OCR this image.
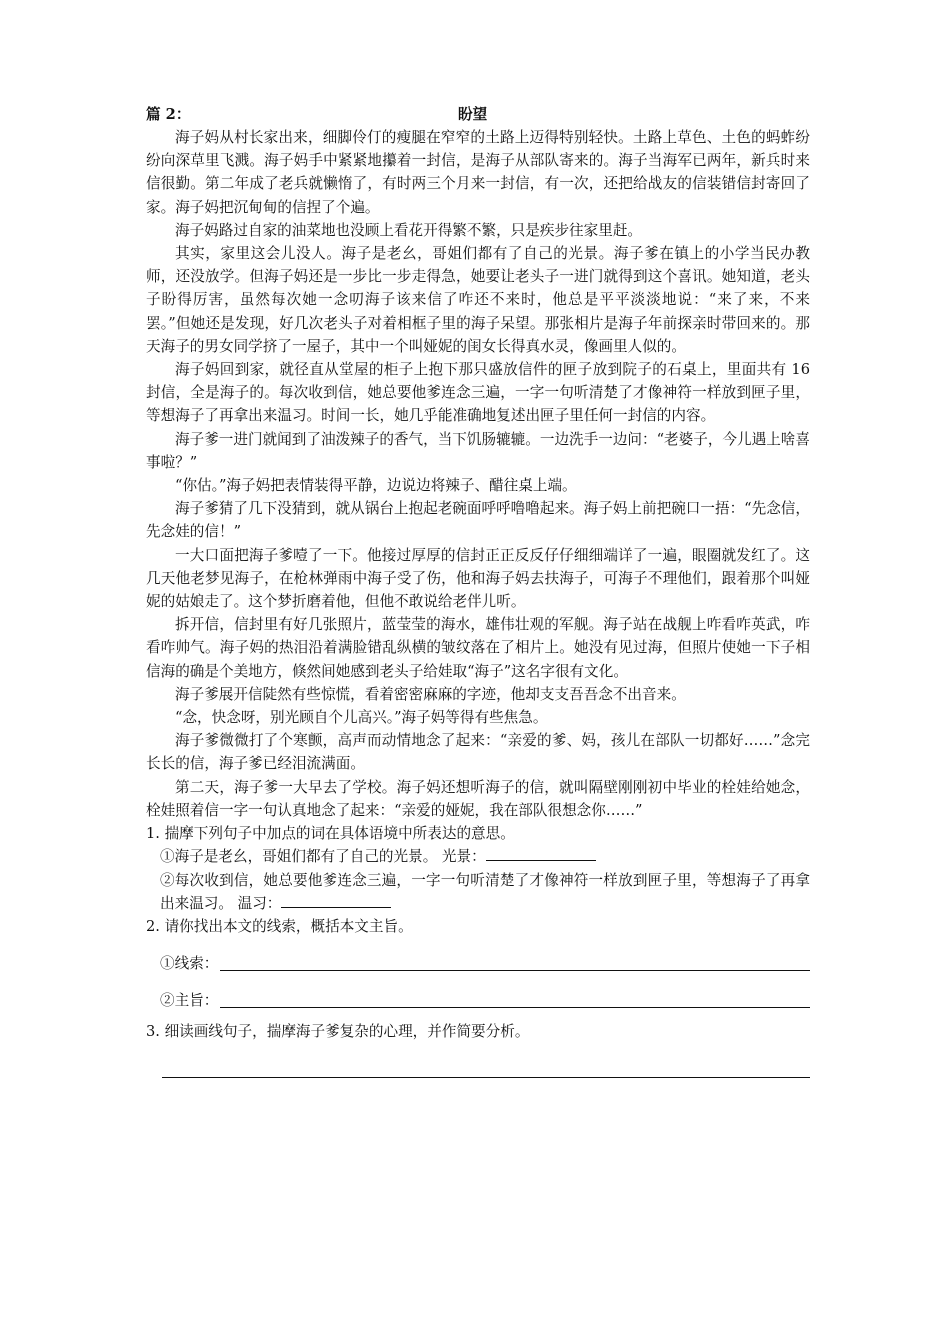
篇 2：	盼望

海子妈从村长家出来，细脚伶仃的瘦腿在窄窄的土路上迈得特别轻快。土路上草色、土色的蚂蚱纷纷向深草里飞溅。海子妈手中紧紧地攥着一封信，是海子从部队寄来的。海子当海军已两年，新兵时来信很勤。第二年成了老兵就懒惰了，有时两三个月来一封信，有一次，还把给战友的信装错信封寄回了家。海子妈把沉甸甸的信捏了个遍。

海子妈路过自家的油菜地也没顾上看花开得繁不繁，只是疾步往家里赶。

其实，家里这会儿没人。海子是老幺，哥姐们都有了自己的光景。海子爹在镇上的小学当民办教师，还没放学。但海子妈还是一步比一步走得急，她要让老头子一进门就得到这个喜讯。她知道，老头子盼得厉害，虽然每次她一念叨海子该来信了咋还不来时，他总是平平淡淡地说：“来了来，不来罢。”但她还是发现，好几次老头子对着相框子里的海子呆望。那张相片是海子年前探亲时带回来的。那天海子的男女同学挤了一屋子，其中一个叫娅妮的闺女长得真水灵，像画里人似的。

海子妈回到家，就径直从堂屋的柜子上抱下那只盛放信件的匣子放到院子的石桌上，里面共有 16 封信，全是海子的。每次收到信，她总要他爹连念三遍，一字一句听清楚了才像神符一样放到匣子里，等想海子了再拿出来温习。时间一长，她几乎能准确地复述出匣子里任何一封信的内容。

海子爹一进门就闻到了油泼辣子的香气，当下饥肠辘辘。一边洗手一边问：“老婆子，今儿遇上啥喜事啦？”

“你估。”海子妈把表情装得平静，边说边将辣子、醋往桌上端。

海子爹猜了几下没猜到，就从锅台上抱起老碗面呼呼噜噜起来。海子妈上前把碗口一捂：“先念信，先念娃的信！”

一大口面把海子爹噎了一下。他接过厚厚的信封正正反反仔仔细细端详了一遍，眼圈就发红了。这几天他老梦见海子，在枪林弹雨中海子受了伤，他和海子妈去扶海子，可海子不理他们，跟着那个叫娅妮的姑娘走了。这个梦折磨着他，但他不敢说给老伴儿听。

拆开信，信封里有好几张照片，蓝莹莹的海水，雄伟壮观的军舰。海子站在战舰上咋看咋英武，咋看咋帅气。海子妈的热泪沿着满脸错乱纵横的皱纹落在了相片上。她没有见过海，但照片使她一下子相信海的确是个美地方，倏然间她感到老头子给娃取“海子”这名字很有文化。

海子爹展开信陡然有些惊慌，看着密密麻麻的字迹，他却支支吾吾念不出音来。

“念，快念呀，别光顾自个儿高兴。”海子妈等得有些焦急。

海子爹微微打了个寒颤，高声而动情地念了起来：“亲爱的爹、妈，孩儿在部队一切都好……”念完长长的信，海子爹已经泪流满面。

第二天，海子爹一大早去了学校。海子妈还想听海子的信，就叫隔壁刚刚初中毕业的栓娃给她念，栓娃照着信一字一句认真地念了起来：“亲爱的娅妮，我在部队很想念你……”

1. 揣摩下列句子中加点的词在具体语境中所表达的意思。

①海子是老幺，哥姐们都有了自己的光景。 光景：

②每次收到信，她总要他爹连念三遍，一字一句听清楚了才像神符一样放到匣子里，等想海子了再拿出来温习。 温习：

2. 请你找出本文的线索，概括本文主旨。

①线索：
②主旨：

3. 细读画线句子，揣摩海子爹复杂的心理，并作简要分析。
